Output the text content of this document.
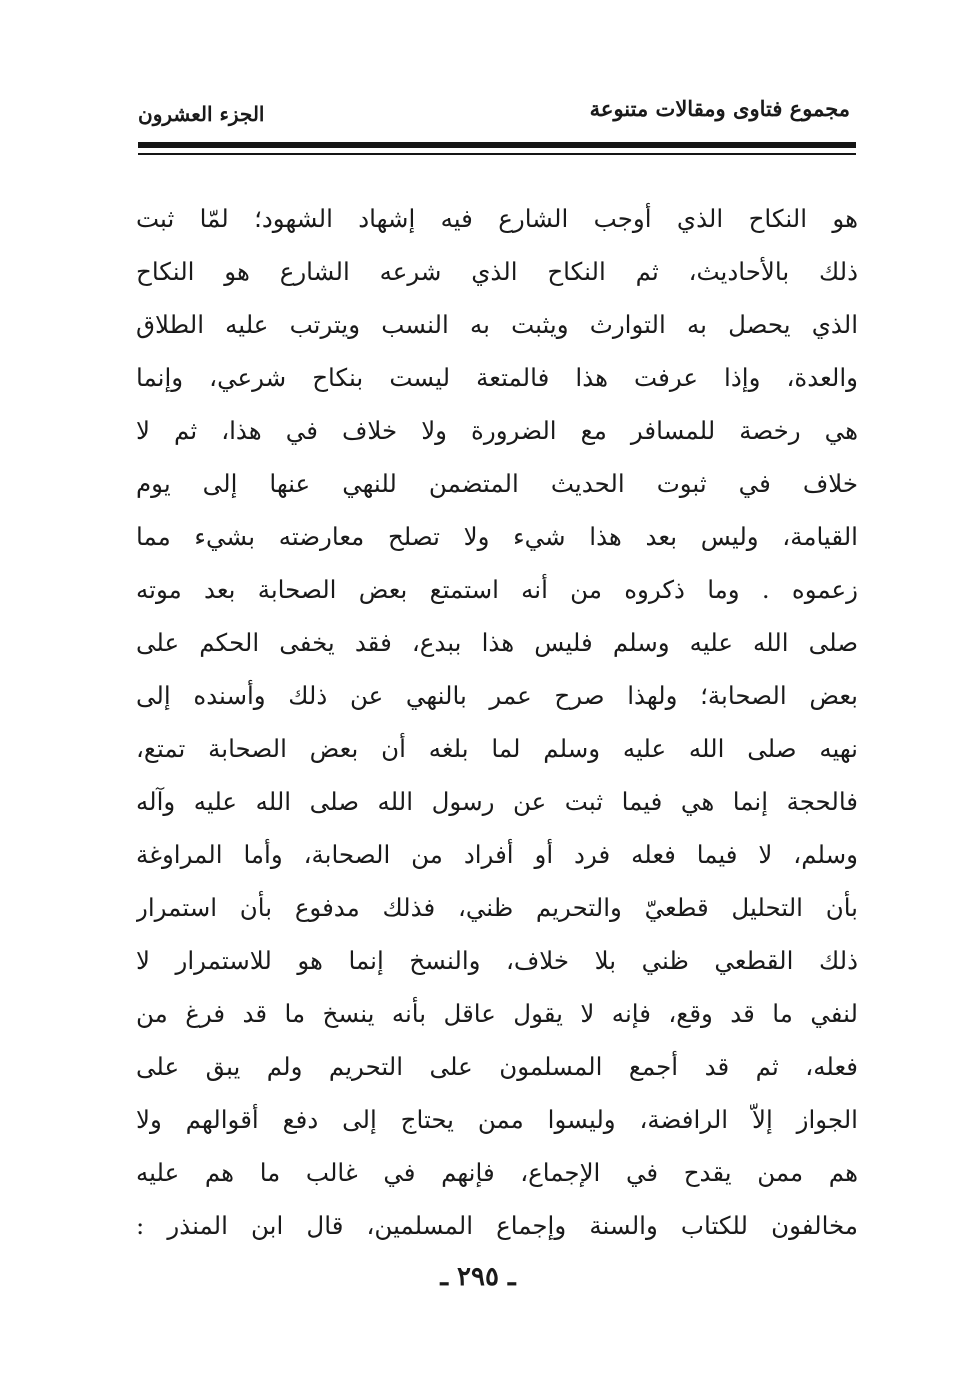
مجموع فتاوى ومقالات متنوعة
الجزء العشرون
هو النكاح الذي أوجب الشارع فيه إشهاد الشهود؛ لمّا ثبت
ذلك بالأحاديث، ثم النكاح الذي شرعه الشارع هو النكاح
الذي يحصل به التوارث ويثبت به النسب ويترتب عليه الطلاق
والعدة، وإذا عرفت هذا فالمتعة ليست بنكاح شرعي، وإنما
هي رخصة للمسافر مع الضرورة ولا خلاف في هذا، ثم لا
خلاف في ثبوت الحديث المتضمن للنهي عنها إلى يوم
القيامة، وليس بعد هذا شيء ولا تصلح معارضته بشيء مما
زعموه . وما ذكروه من أنه استمتع بعض الصحابة بعد موته
صلى الله عليه وسلم فليس هذا ببدع، فقد يخفى الحكم على
بعض الصحابة؛ ولهذا صرح عمر بالنهي عن ذلك وأسنده إلى
نهيه صلى الله عليه وسلم لما بلغه أن بعض الصحابة تمتع،
فالحجة إنما هي فيما ثبت عن رسول الله صلى الله عليه وآله
وسلم، لا فيما فعله فرد أو أفراد من الصحابة، وأما المراوغة
بأن التحليل قطعيّ والتحريم ظني، فذلك مدفوع بأن استمرار
ذلك القطعي ظني بلا خلاف، والنسخ إنما هو للاستمرار لا
لنفي ما قد وقع، فإنه لا يقول عاقل بأنه ينسخ ما قد فرغ من
فعله، ثم قد أجمع المسلمون على التحريم ولم يبق على
الجواز إلاّ الرافضة، وليسوا ممن يحتاج إلى دفع أقوالهم ولا
هم ممن يقدح في الإجماع، فإنهم في غالب ما هم عليه
مخالفون للكتاب والسنة وإجماع المسلمين، قال ابن المنذر :
ـ ٢٩٥ ـ
